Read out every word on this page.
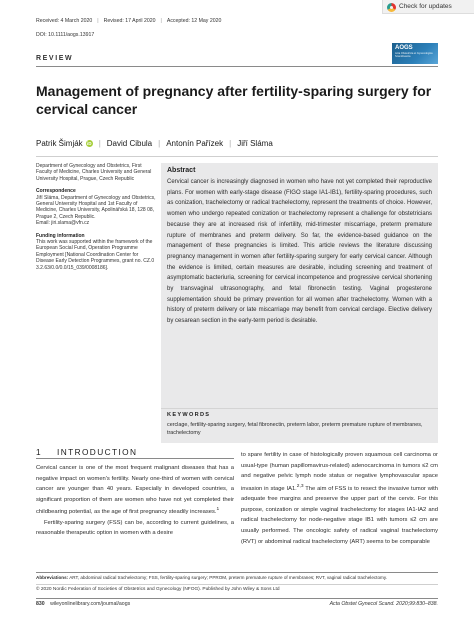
Check for updates
Received: 4 March 2020 | Revised: 17 April 2020 | Accepted: 12 May 2020
DOI: 10.1111/aogs.13917
REVIEW
AOGS
Acta Obstetricia et Gynecologica Scandinavica
Management of pregnancy after fertility-sparing surgery for cervical cancer
Patrik Šimják iD | David Cibula | Antonín Pařízek | Jiří Sláma

Department of Gynecology and Obstetrics, First Faculty of Medicine, Charles University and General University Hospital, Prague, Czech Republic

Correspondence

Jiří Sláma, Department of Gynecology and Obstetrics, General University Hospital and 1st Faculty of Medicine, Charles University, Apolinářská 18, 128 08, Prague 2, Czech Republic.
Email: jiri.slama@vfn.cz

Funding information

This work was supported within the framework of the European Social Fund, Operation Programme Employment [National Coordination Center for Disease Early Detection Programmes, grant no. CZ.0 3.2.63/0.0/0.0/15_039/0008186].

Abstract
Cervical cancer is increasingly diagnosed in women who have not yet completed their reproductive plans. For women with early-stage disease (FIGO stage IA1-IB1), fertility-sparing procedures, such as conization, trachelectomy or radical trachelectomy, represent the treatments of choice. However, women who undergo repeated conization or trachelectomy represent a challenge for obstetricians because they are at increased risk of infertility, mid-trimester miscarriage, preterm premature rupture of membranes and preterm delivery. So far, the evidence-based guidance on the management of these pregnancies is limited. This article reviews the literature discussing pregnancy management in women after fertility-sparing surgery for early cervical cancer. Although the evidence is limited, certain measures are desirable, including screening and treatment of asymptomatic bacteriuria, screening for cervical incompetence and progressive cervical shortening by transvaginal ultrasonography, and fetal fibronectin testing. Vaginal progesterone supplementation should be primary prevention for all women after trachelectomy. Women with a history of preterm delivery or late miscarriage may benefit from cervical cerclage. Elective delivery by cesarean section in the early-term period is desirable.
KEYWORDS
cerclage, fertility-sparing surgery, fetal fibronectin, preterm labor, preterm premature rupture of membranes, trachelectomy
1 INTRODUCTION

Cervical cancer is one of the most frequent malignant diseases that has a negative impact on women's fertility. Nearly one-third of women with cervical cancer are younger than 40 years. Especially in developed countries, a significant proportion of them are women who have not yet completed their childbearing potential, as the age of first pregnancy steadily increases.$^1$

Fertility-sparing surgery (FSS) can be, according to current guidelines, a reasonable therapeutic option in women with a desire

to spare fertility in case of histologically proven squamous cell carcinoma or usual-type (human papillomavirus-related) adenocarcinoma in tumors ≤2 cm and negative pelvic lymph node status or negative lymphovascular space invasion in stage IA1.$^{2,3}$ The aim of FSS is to resect the invasive tumor with adequate free margins and preserve the upper part of the cervix. For this purpose, conization or simple vaginal trachelectomy for stages IA1-IA2 and radical trachelectomy for node-negative stage IB1 with tumors ≤2 cm are usually performed. The oncologic safety of radical vaginal trachelectomy (RVT) or abdominal radical trachelectomy (ART) seems to be comparable

Abbreviations: ART, abdominal radical trachelectomy; FSS, fertility-sparing surgery; PPROM, preterm premature rupture of membranes; RVT, vaginal radical trachelectomy.
© 2020 Nordic Federation of Societies of Obstetrics and Gynecology (NFOG). Published by John Wiley & Sons Ltd
830 wileyonlinelibrary.com/journal/aogs	Acta Obstet Gynecol Scand. 2020;99:830–838.
